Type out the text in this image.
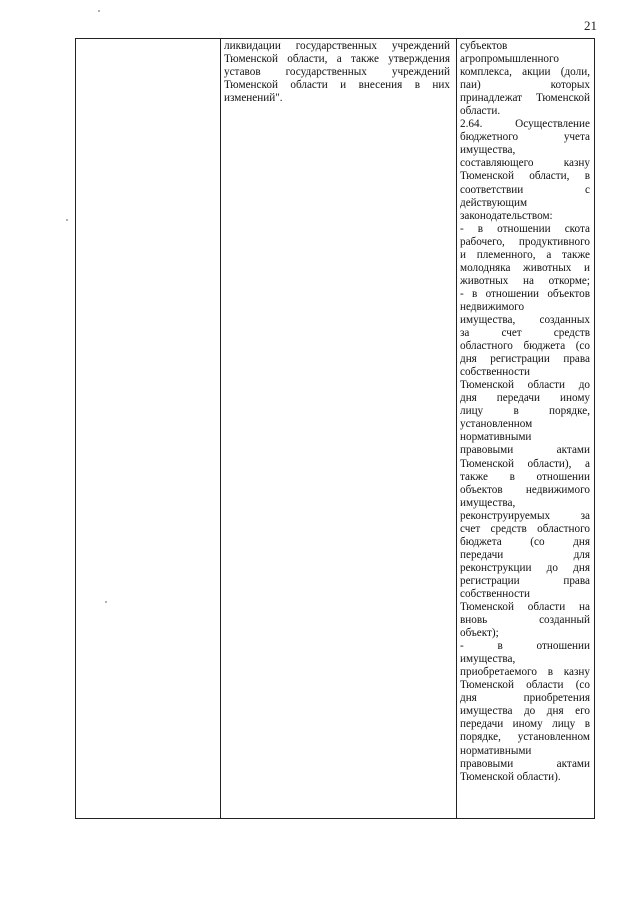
21
ликвидации государственных учреждений
Тюменской области, а также утверждения
уставов государственных учреждений
Тюменской области и внесения в них
изменений".
субъектов
агропромышленного
комплекса, акции (доли,
паи) которых
принадлежат Тюменской
области.
2.64. Осуществление
бюджетного учета
имущества,
составляющего казну
Тюменской области, в
соответствии с
действующим
законодательством:
- в отношении скота
рабочего, продуктивного
и племенного, а также
молодняка животных и
животных на откорме;
- в отношении объектов
недвижимого
имущества, созданных
за счет средств
областного бюджета (со
дня регистрации права
собственности
Тюменской области до
дня передачи иному
лицу в порядке,
установленном
нормативными
правовыми актами
Тюменской области), а
также в отношении
объектов недвижимого
имущества,
реконструируемых за
счет средств областного
бюджета (со дня
передачи для
реконструкции до дня
регистрации права
собственности
Тюменской области на
вновь созданный
объект);
- в отношении
имущества,
приобретаемого в казну
Тюменской области (со
дня приобретения
имущества до дня его
передачи иному лицу в
порядке, установленном
нормативными
правовыми актами
Тюменской области).
